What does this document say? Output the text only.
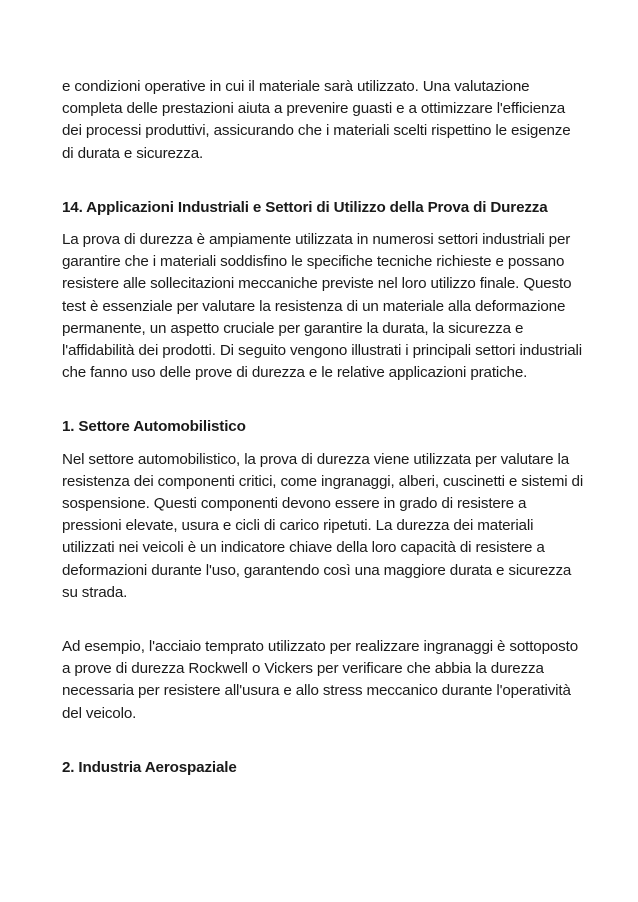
e condizioni operative in cui il materiale sarà utilizzato. Una valutazione completa delle prestazioni aiuta a prevenire guasti e a ottimizzare l'efficienza dei processi produttivi, assicurando che i materiali scelti rispettino le esigenze di durata e sicurezza.

14. Applicazioni Industriali e Settori di Utilizzo della Prova di Durezza

La prova di durezza è ampiamente utilizzata in numerosi settori industriali per garantire che i materiali soddisfino le specifiche tecniche richieste e possano resistere alle sollecitazioni meccaniche previste nel loro utilizzo finale. Questo test è essenziale per valutare la resistenza di un materiale alla deformazione permanente, un aspetto cruciale per garantire la durata, la sicurezza e l'affidabilità dei prodotti. Di seguito vengono illustrati i principali settori industriali che fanno uso delle prove di durezza e le relative applicazioni pratiche.

1. Settore Automobilistico

Nel settore automobilistico, la prova di durezza viene utilizzata per valutare la resistenza dei componenti critici, come ingranaggi, alberi, cuscinetti e sistemi di sospensione. Questi componenti devono essere in grado di resistere a pressioni elevate, usura e cicli di carico ripetuti. La durezza dei materiali utilizzati nei veicoli è un indicatore chiave della loro capacità di resistere a deformazioni durante l'uso, garantendo così una maggiore durata e sicurezza su strada.

Ad esempio, l'acciaio temprato utilizzato per realizzare ingranaggi è sottoposto a prove di durezza Rockwell o Vickers per verificare che abbia la durezza necessaria per resistere all'usura e allo stress meccanico durante l'operatività del veicolo.

2. Industria Aerospaziale
